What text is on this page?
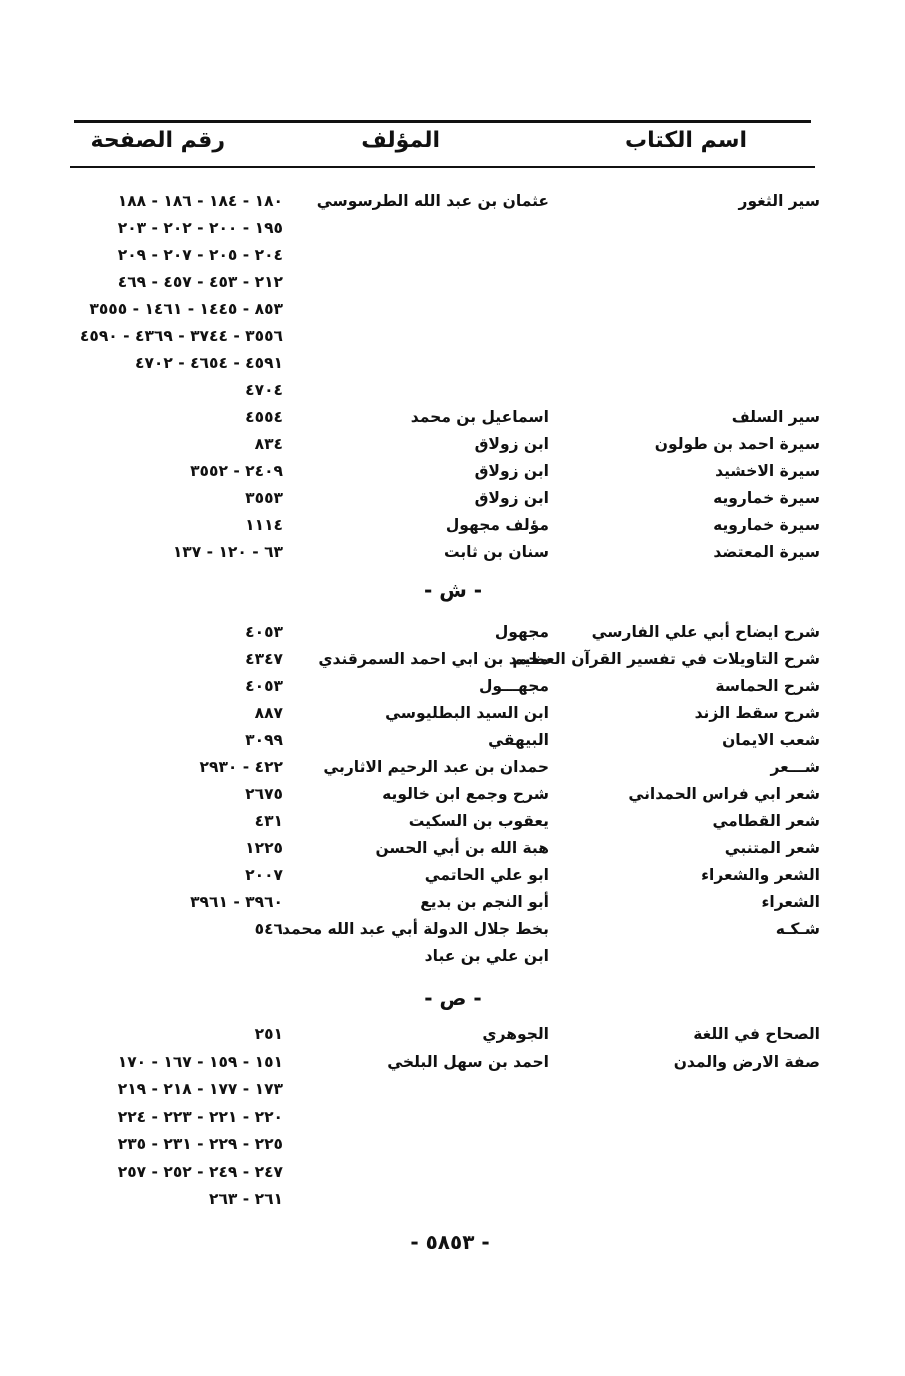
اسم الكتاب
المؤلف
رقم الصفحة
سير الثغور
عثمان بن عبد الله الطرسوسي
١٨٠ - ١٨٤ - ١٨٦ - ١٨٨
١٩٥ - ٢٠٠ - ٢٠٢ - ٢٠٣
٢٠٤ - ٢٠٥ - ٢٠٧ - ٢٠٩
٢١٢ - ٤٥٣ - ٤٥٧ - ٤٦٩
٨٥٣ - ١٤٤٥ - ١٤٦١ - ٣٥٥٥
٣٥٥٦ - ٣٧٤٤ - ٤٣٦٩ - ٤٥٩٠
٤٥٩١ - ٤٦٥٤ - ٤٧٠٢
٤٧٠٤
سير السلف
اسماعيل بن محمد
٤٥٥٤
سيرة احمد بن طولون
ابن زولاق
٨٣٤
سيرة الاخشيد
ابن زولاق
٢٤٠٩ - ٣٥٥٢
سيرة خمارويه
ابن زولاق
٣٥٥٣
سيرة خمارويه
مؤلف مجهول
١١١٤
سيرة المعتضد
سنان بن ثابت
٦٣ - ١٢٠ - ١٣٧
- ش -
شرح ايضاح أبي علي الفارسي
مجهول
٤٠٥٣
شرح التاويلات في تفسير القرآن العظيم
محمد بن ابي احمد السمرقندي
٤٣٤٧
شرح الحماسة
مجهـــول
٤٠٥٣
شرح سقط الزند
ابن السيد البطليوسي
٨٨٧
شعب الايمان
البيهقي
٣٠٩٩
شـــعر
حمدان بن عبد الرحيم الاثاربي
٤٢٢ - ٢٩٣٠
شعر ابي فراس الحمداني
شرح وجمع ابن خالويه
٢٦٧٥
شعر القطامي
يعقوب بن السكيت
٤٣١
شعر المتنبي
هبة الله بن أبي الحسن
١٢٢٥
الشعر والشعراء
ابو علي الحاتمي
٢٠٠٧
الشعراء
أبو النجم بن بديع
٣٩٦٠ - ٣٩٦١
شـكـه
بخط جلال الدولة أبي عبد الله محمد
٥٤٦
ابن علي بن عباد
- ص -
الصحاح في اللغة
الجوهري
٢٥١
صفة الارض والمدن
احمد بن سهل البلخي
١٥١ - ١٥٩ - ١٦٧ - ١٧٠
١٧٣ - ١٧٧ - ٢١٨ - ٢١٩
٢٢٠ - ٢٢١ - ٢٢٣ - ٢٢٤
٢٢٥ - ٢٢٩ - ٢٣١ - ٢٣٥
٢٤٧ - ٢٤٩ - ٢٥٢ - ٢٥٧
٢٦١ - ٢٦٣
- ٥٨٥٣ -
